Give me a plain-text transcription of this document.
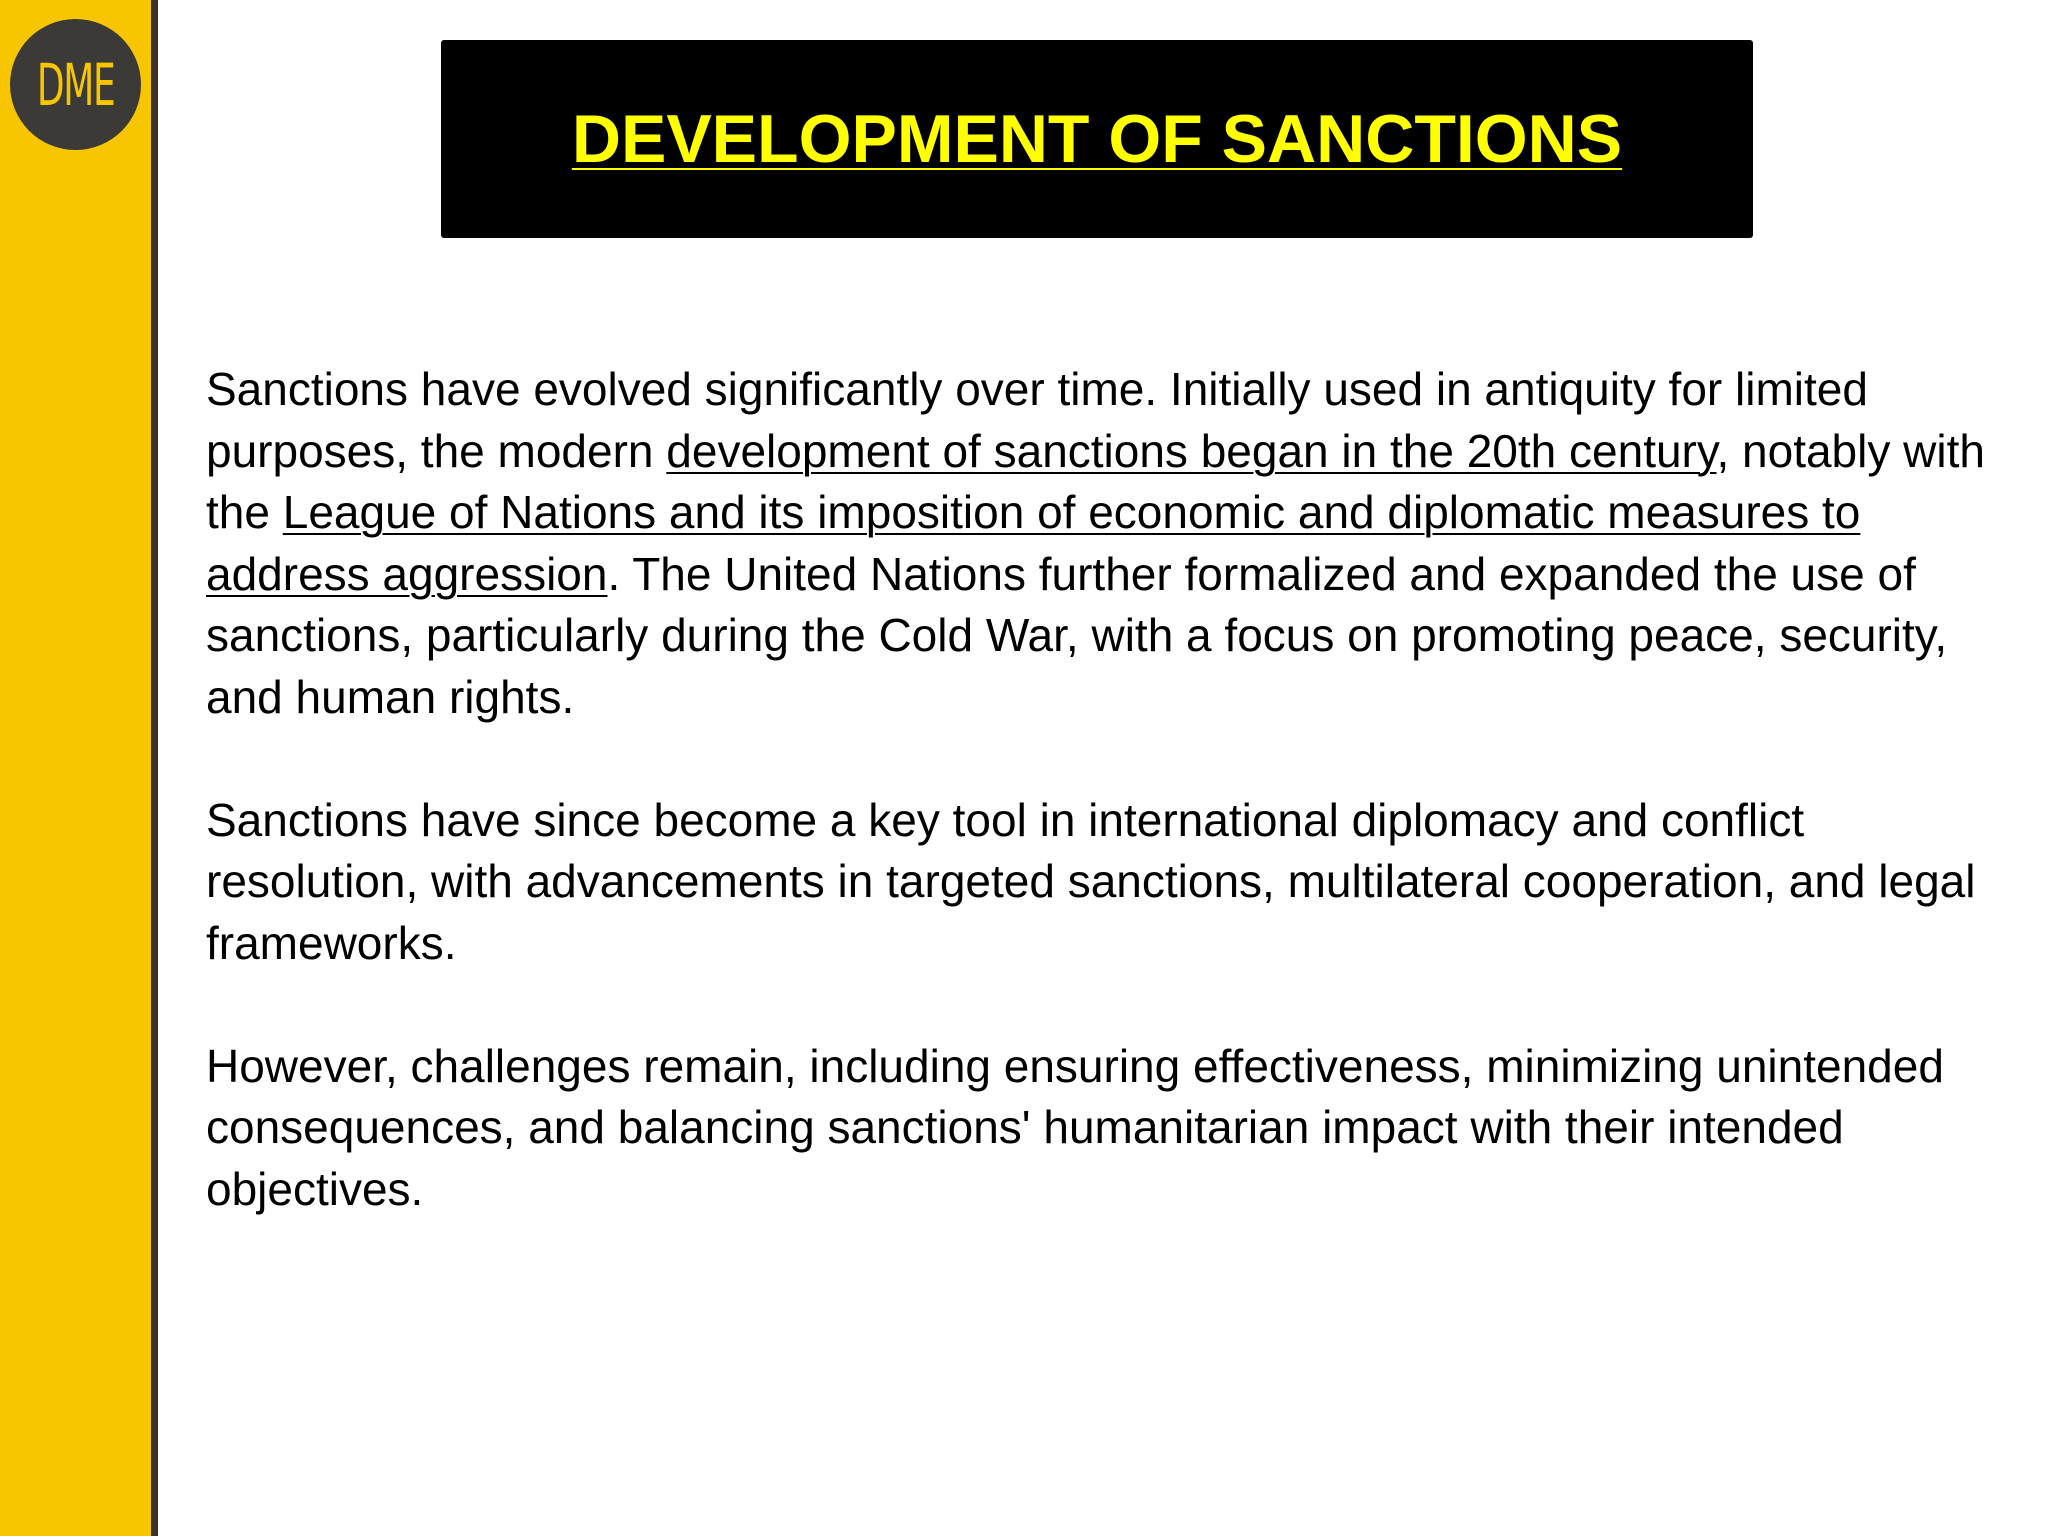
DME
DEVELOPMENT OF SANCTIONS

Sanctions have evolved significantly over time. Initially used in antiquity for limited purposes, the modern development of sanctions began in the 20th century, notably with the League of Nations and its imposition of economic and diplomatic measures to address aggression. The United Nations further formalized and expanded the use of sanctions, particularly during the Cold War, with a focus on promoting peace, security, and human rights.

Sanctions have since become a key tool in international diplomacy and conflict resolution, with advancements in targeted sanctions, multilateral cooperation, and legal frameworks.

However, challenges remain, including ensuring effectiveness, minimizing unintended consequences, and balancing sanctions' humanitarian impact with their intended objectives.
